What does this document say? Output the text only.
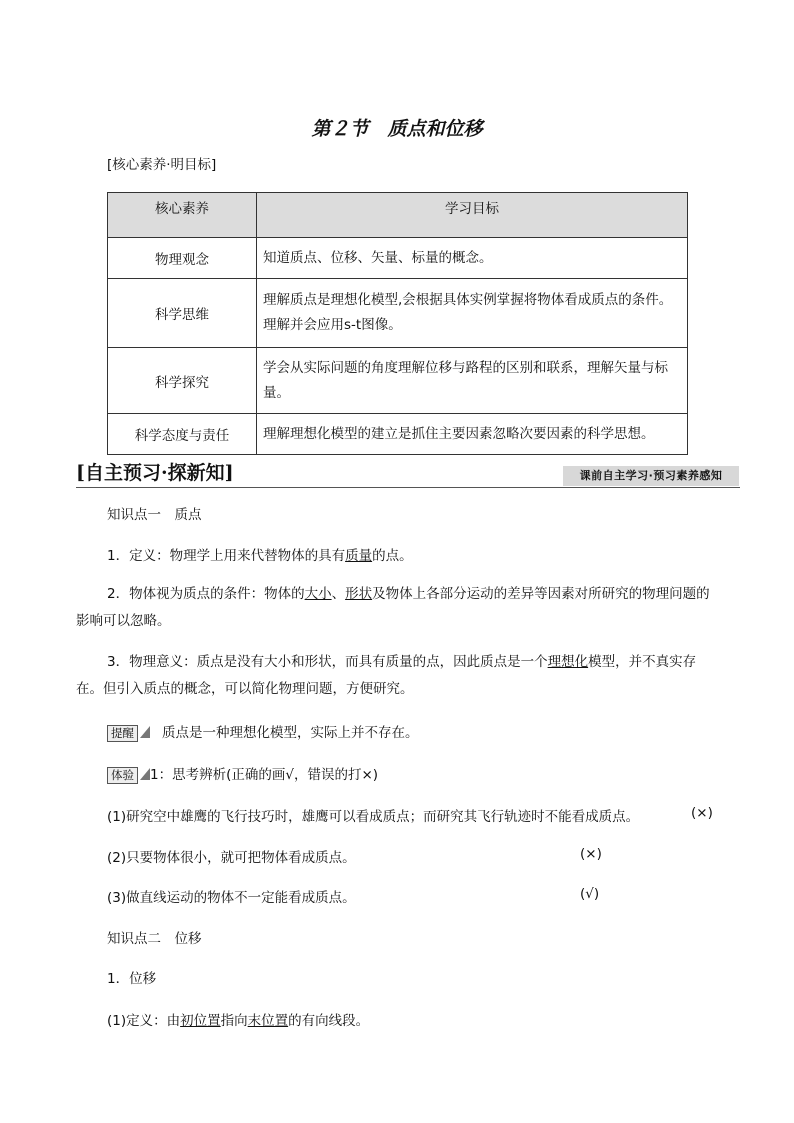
第２节　质点和位移
[核心素养·明目标]
核心素养	学习目标
物理观念	知道质点、位移、矢量、标量的概念。
科学思维	理解质点是理想化模型,会根据具体实例掌握将物体看成质点的条件。理解并会应用s-t图像。
科学探究	学会从实际问题的角度理解位移与路程的区别和联系，理解矢量与标量。
科学态度与责任	理解理想化模型的建立是抓住主要因素忽略次要因素的科学思想。
[自主预习·探新知]	课前自主学习·预习素养感知
知识点一　质点
1．定义：物理学上用来代替物体的具有质量的点。
2．物体视为质点的条件：物体的大小、形状及物体上各部分运动的差异等因素对所研究的物理问题的影响可以忽略。
3．物理意义：质点是没有大小和形状，而具有质量的点，因此质点是一个理想化模型，并不真实存在。但引入质点的概念，可以简化物理问题，方便研究。
提醒 质点是一种理想化模型，实际上并不存在。
体验 1：思考辨析(正确的画√，错误的打×)
(1)研究空中雄鹰的飞行技巧时，雄鹰可以看成质点；而研究其飞行轨迹时不能看成质点。	(×)
(2)只要物体很小，就可把物体看成质点。	(×)
(3)做直线运动的物体不一定能看成质点。	(√)
知识点二　位移
1．位移
(1)定义：由初位置指向末位置的有向线段。
